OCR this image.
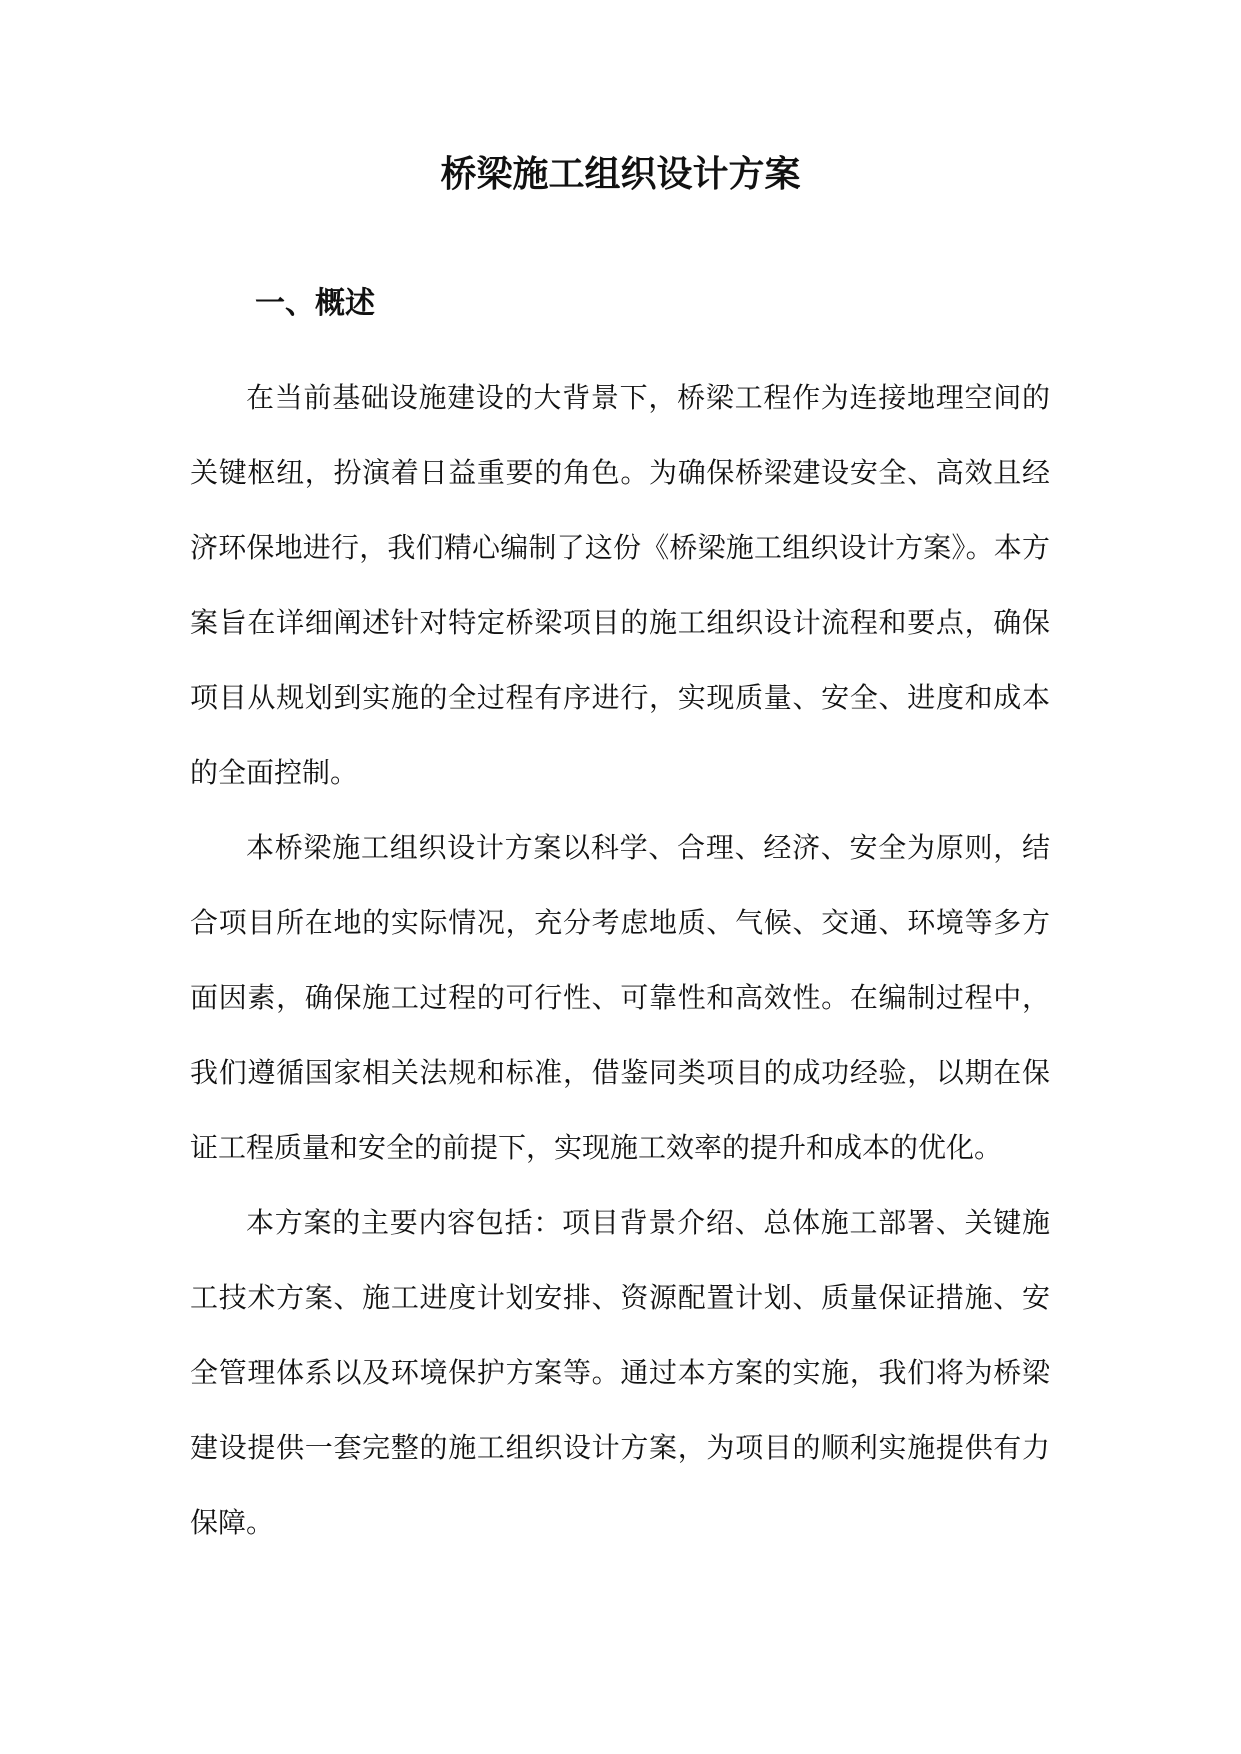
桥梁施工组织设计方案
一、概述

在当前基础设施建设的大背景下，桥梁工程作为连接地理空间的关键枢纽，扮演着日益重要的角色。为确保桥梁建设安全、高效且经济环保地进行，我们精心编制了这份《桥梁施工组织设计方案》。本方案旨在详细阐述针对特定桥梁项目的施工组织设计流程和要点，确保项目从规划到实施的全过程有序进行，实现质量、安全、进度和成本的全面控制。

本桥梁施工组织设计方案以科学、合理、经济、安全为原则，结合项目所在地的实际情况，充分考虑地质、气候、交通、环境等多方面因素，确保施工过程的可行性、可靠性和高效性。在编制过程中，我们遵循国家相关法规和标准，借鉴同类项目的成功经验，以期在保证工程质量和安全的前提下，实现施工效率的提升和成本的优化。

本方案的主要内容包括：项目背景介绍、总体施工部署、关键施工技术方案、施工进度计划安排、资源配置计划、质量保证措施、安全管理体系以及环境保护方案等。通过本方案的实施，我们将为桥梁建设提供一套完整的施工组织设计方案，为项目的顺利实施提供有力保障。
